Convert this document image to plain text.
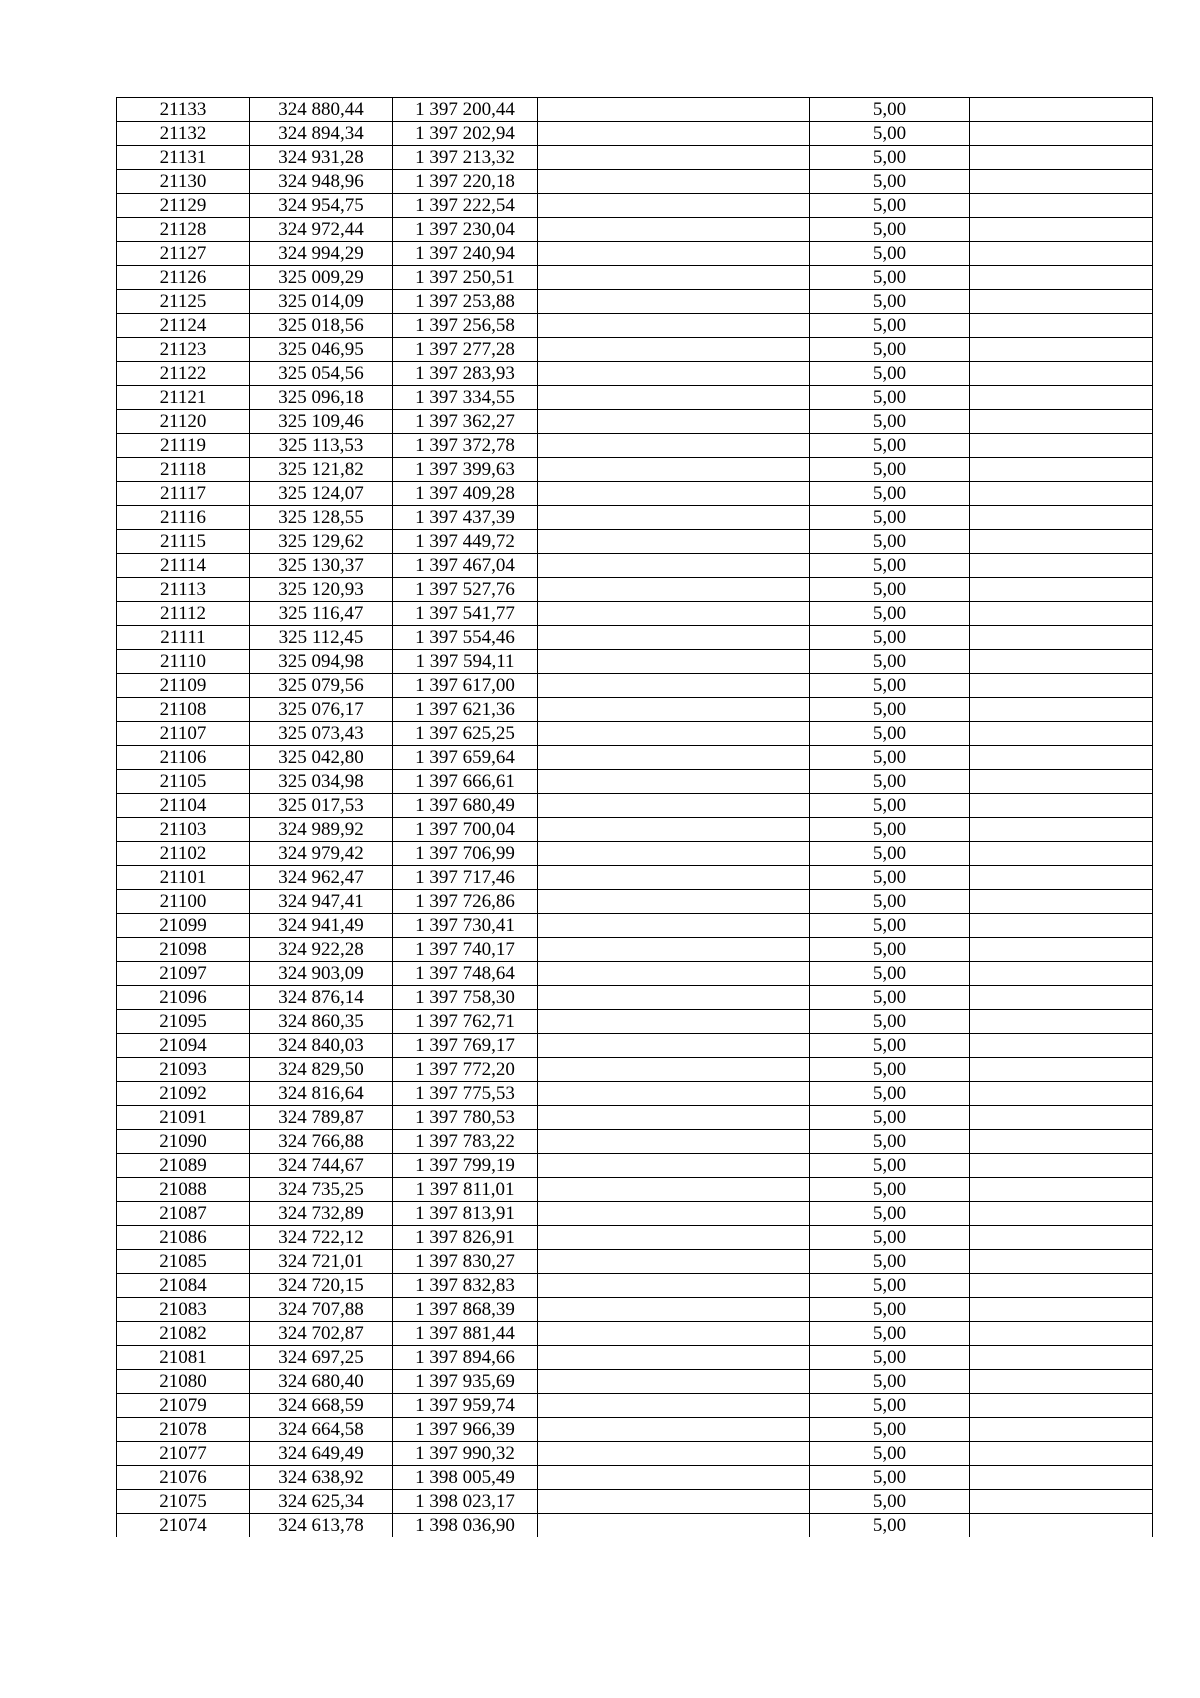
21133	324 880,44	1 397 200,44		5,00	
21132	324 894,34	1 397 202,94		5,00	
21131	324 931,28	1 397 213,32		5,00	
21130	324 948,96	1 397 220,18		5,00	
21129	324 954,75	1 397 222,54		5,00	
21128	324 972,44	1 397 230,04		5,00	
21127	324 994,29	1 397 240,94		5,00	
21126	325 009,29	1 397 250,51		5,00	
21125	325 014,09	1 397 253,88		5,00	
21124	325 018,56	1 397 256,58		5,00	
21123	325 046,95	1 397 277,28		5,00	
21122	325 054,56	1 397 283,93		5,00	
21121	325 096,18	1 397 334,55		5,00	
21120	325 109,46	1 397 362,27		5,00	
21119	325 113,53	1 397 372,78		5,00	
21118	325 121,82	1 397 399,63		5,00	
21117	325 124,07	1 397 409,28		5,00	
21116	325 128,55	1 397 437,39		5,00	
21115	325 129,62	1 397 449,72		5,00	
21114	325 130,37	1 397 467,04		5,00	
21113	325 120,93	1 397 527,76		5,00	
21112	325 116,47	1 397 541,77		5,00	
21111	325 112,45	1 397 554,46		5,00	
21110	325 094,98	1 397 594,11		5,00	
21109	325 079,56	1 397 617,00		5,00	
21108	325 076,17	1 397 621,36		5,00	
21107	325 073,43	1 397 625,25		5,00	
21106	325 042,80	1 397 659,64		5,00	
21105	325 034,98	1 397 666,61		5,00	
21104	325 017,53	1 397 680,49		5,00	
21103	324 989,92	1 397 700,04		5,00	
21102	324 979,42	1 397 706,99		5,00	
21101	324 962,47	1 397 717,46		5,00	
21100	324 947,41	1 397 726,86		5,00	
21099	324 941,49	1 397 730,41		5,00	
21098	324 922,28	1 397 740,17		5,00	
21097	324 903,09	1 397 748,64		5,00	
21096	324 876,14	1 397 758,30		5,00	
21095	324 860,35	1 397 762,71		5,00	
21094	324 840,03	1 397 769,17		5,00	
21093	324 829,50	1 397 772,20		5,00	
21092	324 816,64	1 397 775,53		5,00	
21091	324 789,87	1 397 780,53		5,00	
21090	324 766,88	1 397 783,22		5,00	
21089	324 744,67	1 397 799,19		5,00	
21088	324 735,25	1 397 811,01		5,00	
21087	324 732,89	1 397 813,91		5,00	
21086	324 722,12	1 397 826,91		5,00	
21085	324 721,01	1 397 830,27		5,00	
21084	324 720,15	1 397 832,83		5,00	
21083	324 707,88	1 397 868,39		5,00	
21082	324 702,87	1 397 881,44		5,00	
21081	324 697,25	1 397 894,66		5,00	
21080	324 680,40	1 397 935,69		5,00	
21079	324 668,59	1 397 959,74		5,00	
21078	324 664,58	1 397 966,39		5,00	
21077	324 649,49	1 397 990,32		5,00	
21076	324 638,92	1 398 005,49		5,00	
21075	324 625,34	1 398 023,17		5,00	
21074	324 613,78	1 398 036,90		5,00	
